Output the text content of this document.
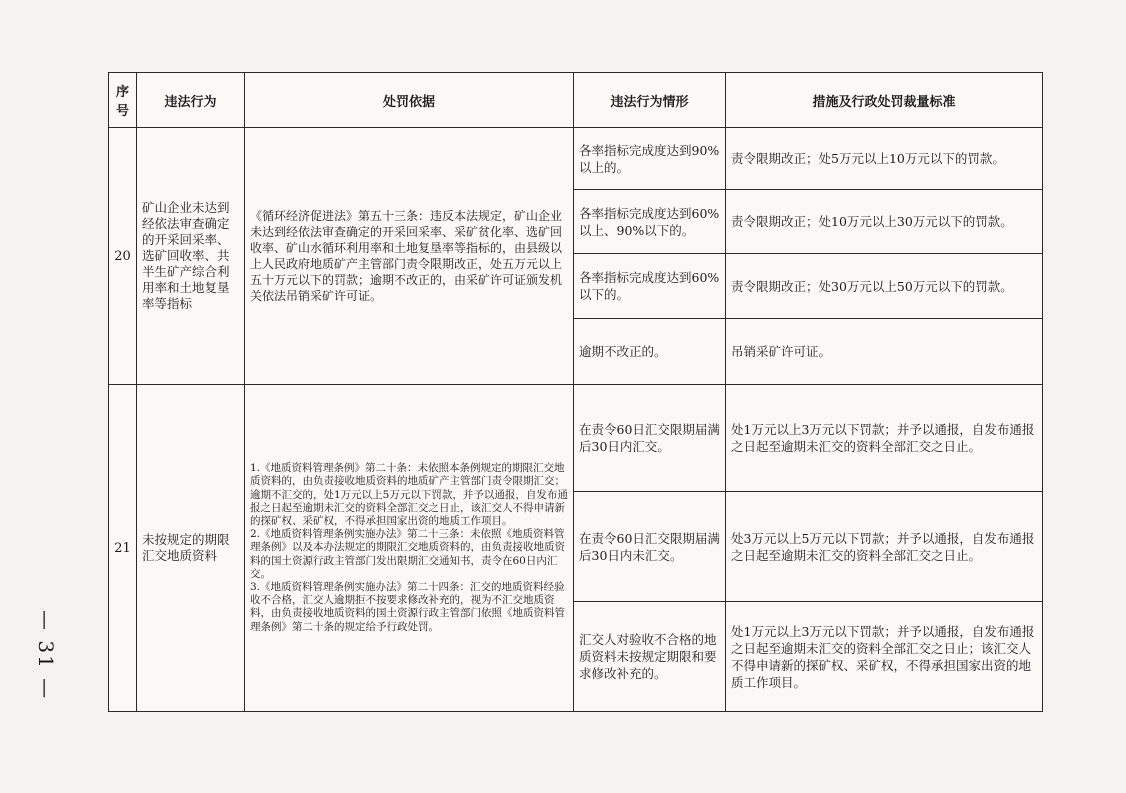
— 31 —
序号	违法行为	处罚依据	违法行为情形	措施及行政处罚裁量标准
20	矿山企业未达到经依法审查确定的开采回采率、选矿回收率、共半生矿产综合利用率和土地复垦率等指标	《循环经济促进法》第五十三条：违反本法规定，矿山企业未达到经依法审查确定的开采回采率、采矿贫化率、选矿回收率、矿山水循环利用率和土地复垦率等指标的，由县级以上人民政府地质矿产主管部门责令限期改正，处五万元以上五十万元以下的罚款；逾期不改正的，由采矿许可证颁发机关依法吊销采矿许可证。	各率指标完成度达到90%以上的。	责令限期改正；处5万元以上10万元以下的罚款。
			各率指标完成度达到60%以上、90%以下的。	责令限期改正；处10万元以上30万元以下的罚款。
			各率指标完成度达到60%以下的。	责令限期改正；处30万元以上50万元以下的罚款。
			逾期不改正的。	吊销采矿许可证。
21	未按规定的期限汇交地质资料	1.《地质资料管理条例》第二十条：未依照本条例规定的期限汇交地质资料的，由负责接收地质资料的地质矿产主管部门责令限期汇交；逾期不汇交的，处1万元以上5万元以下罚款，并予以通报，自发布通报之日起至逾期未汇交的资料全部汇交之日止，该汇交人不得申请新的探矿权、采矿权，不得承担国家出资的地质工作项目。
2.《地质资料管理条例实施办法》第二十三条：未依照《地质资料管理条例》以及本办法规定的期限汇交地质资料的，由负责接收地质资料的国土资源行政主管部门发出限期汇交通知书，责令在60日内汇交。
3.《地质资料管理条例实施办法》第二十四条：汇交的地质资料经验收不合格，汇交人逾期拒不按要求修改补充的，视为不汇交地质资料，由负责接收地质资料的国土资源行政主管部门依照《地质资料管理条例》第二十条的规定给予行政处罚。	在责令60日汇交限期届满后30日内汇交。	处1万元以上3万元以下罚款；并予以通报，自发布通报之日起至逾期未汇交的资料全部汇交之日止。
			在责令60日汇交限期届满后30日内未汇交。	处3万元以上5万元以下罚款；并予以通报，自发布通报之日起至逾期未汇交的资料全部汇交之日止。
			汇交人对验收不合格的地质资料未按规定期限和要求修改补充的。	处1万元以上3万元以下罚款；并予以通报，自发布通报之日起至逾期未汇交的资料全部汇交之日止；该汇交人不得申请新的探矿权、采矿权，不得承担国家出资的地质工作项目。
